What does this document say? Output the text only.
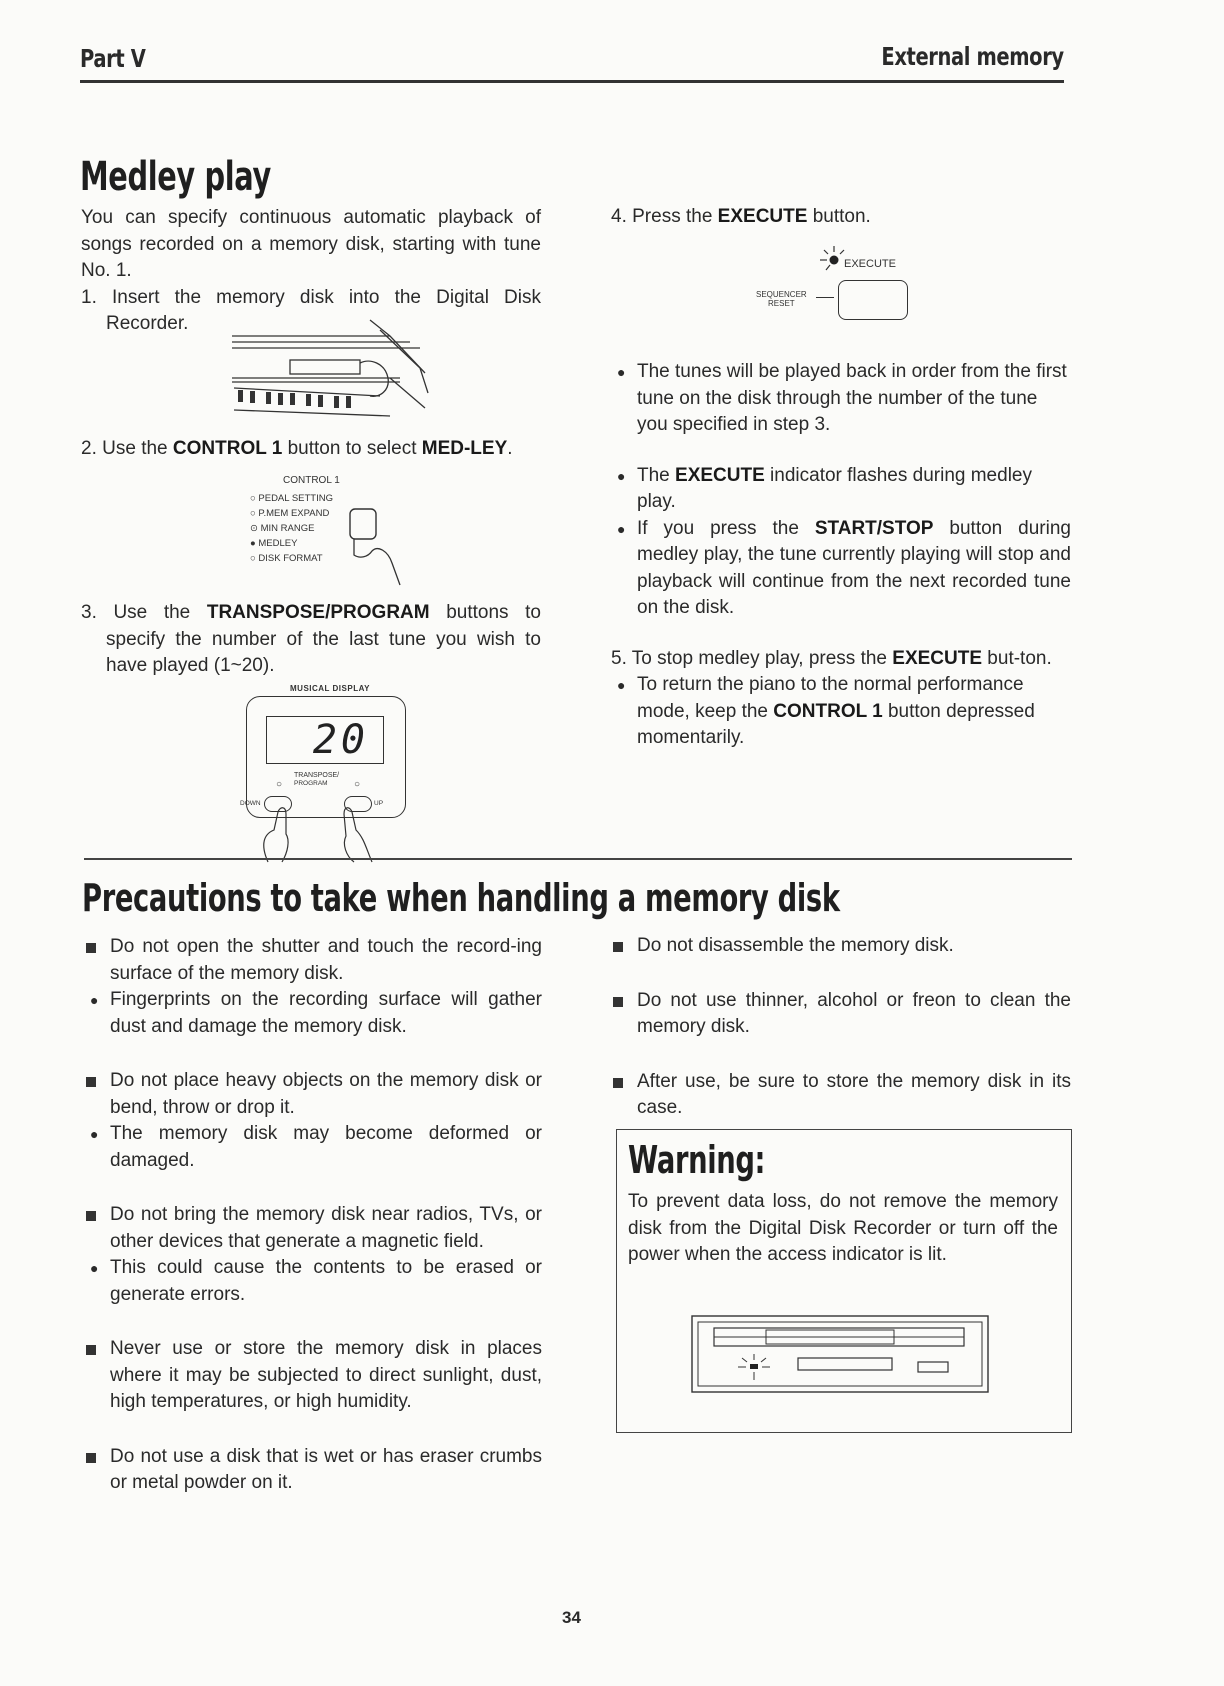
Part V	External memory
Medley play
You can specify continuous automatic playback of songs recorded on a memory disk, starting with tune No. 1.
1. Insert the memory disk into the Digital Disk Recorder.
2. Use the CONTROL 1 button to select MED-LEY.
CONTROL 1
○ PEDAL SETTING
○ P.MEM EXPAND
⊙ MIN RANGE
● MEDLEY
○ DISK FORMAT
3. Use the TRANSPOSE/PROGRAM buttons to specify the number of the last tune you wish to have played (1~20).
MUSICAL DISPLAY
20
TRANSPOSE/
PROGRAM
○	○
DOWN	UP
4. Press the EXECUTE button.
EXECUTE
SEQUENCER
RESET
● The tunes will be played back in order from the first tune on the disk through the number of the tune you specified in step 3.
● The EXECUTE indicator flashes during medley play.
● If you press the START/STOP button during medley play, the tune currently playing will stop and playback will continue from the next recorded tune on the disk.
5. To stop medley play, press the EXECUTE but-ton.
● To return the piano to the normal performance mode, keep the CONTROL 1 button depressed momentarily.
Precautions to take when handling a memory disk
Do not open the shutter and touch the record-ing surface of the memory disk.
● Fingerprints on the recording surface will gather dust and damage the memory disk.
Do not place heavy objects on the memory disk or bend, throw or drop it.
● The memory disk may become deformed or damaged.
Do not bring the memory disk near radios, TVs, or other devices that generate a magnetic field.
● This could cause the contents to be erased or generate errors.
Never use or store the memory disk in places where it may be subjected to direct sunlight, dust, high temperatures, or high humidity.
Do not use a disk that is wet or has eraser crumbs or metal powder on it.
Do not disassemble the memory disk.
Do not use thinner, alcohol or freon to clean the memory disk.
After use, be sure to store the memory disk in its case.
Warning:
To prevent data loss, do not remove the memory disk from the Digital Disk Recorder or turn off the power when the access indicator is lit.
34
